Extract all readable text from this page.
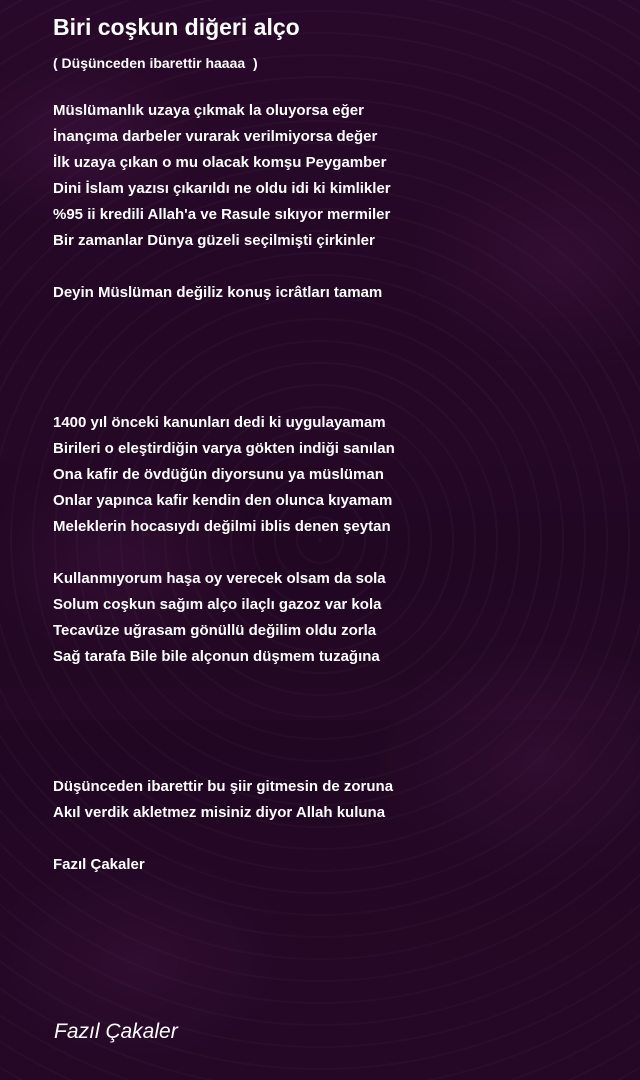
Biri coşkun diğeri alço

( Düşünceden ibarettir haaaa  )

Müslümanlık uzaya çıkmak la oluyorsa eğer
İnançıma darbeler vurarak verilmiyorsa değer
İlk uzaya çıkan o mu olacak komşu Peygamber
Dini İslam yazısı çıkarıldı ne oldu idi ki kimlikler
%95 ii kredili Allah'a ve Rasule sıkıyor mermiler
Bir zamanlar Dünya güzeli seçilmişti çirkinler
Deyin Müslüman değiliz konuş icrâtları tamam
1400 yıl önceki kanunları dedi ki uygulayamam
Birileri o eleştirdiğin varya gökten indiği sanılan
Ona kafir de övdüğün diyorsunu ya müslüman
Onlar yapınca kafir kendin den olunca kıyamam
Meleklerin hocasıydı değilmi iblis denen şeytan
Kullanmıyorum haşa oy verecek olsam da sola
Solum coşkun sağım alço ilaçlı gazoz var kola
Tecavüze uğrasam gönüllü değilim oldu zorla
Sağ tarafa Bile bile alçonun düşmem tuzağına
Düşünceden ibarettir bu şiir gitmesin de zoruna
Akıl verdik akletmez misiniz diyor Allah kuluna
Fazıl Çakaler
Fazıl Çakaler
